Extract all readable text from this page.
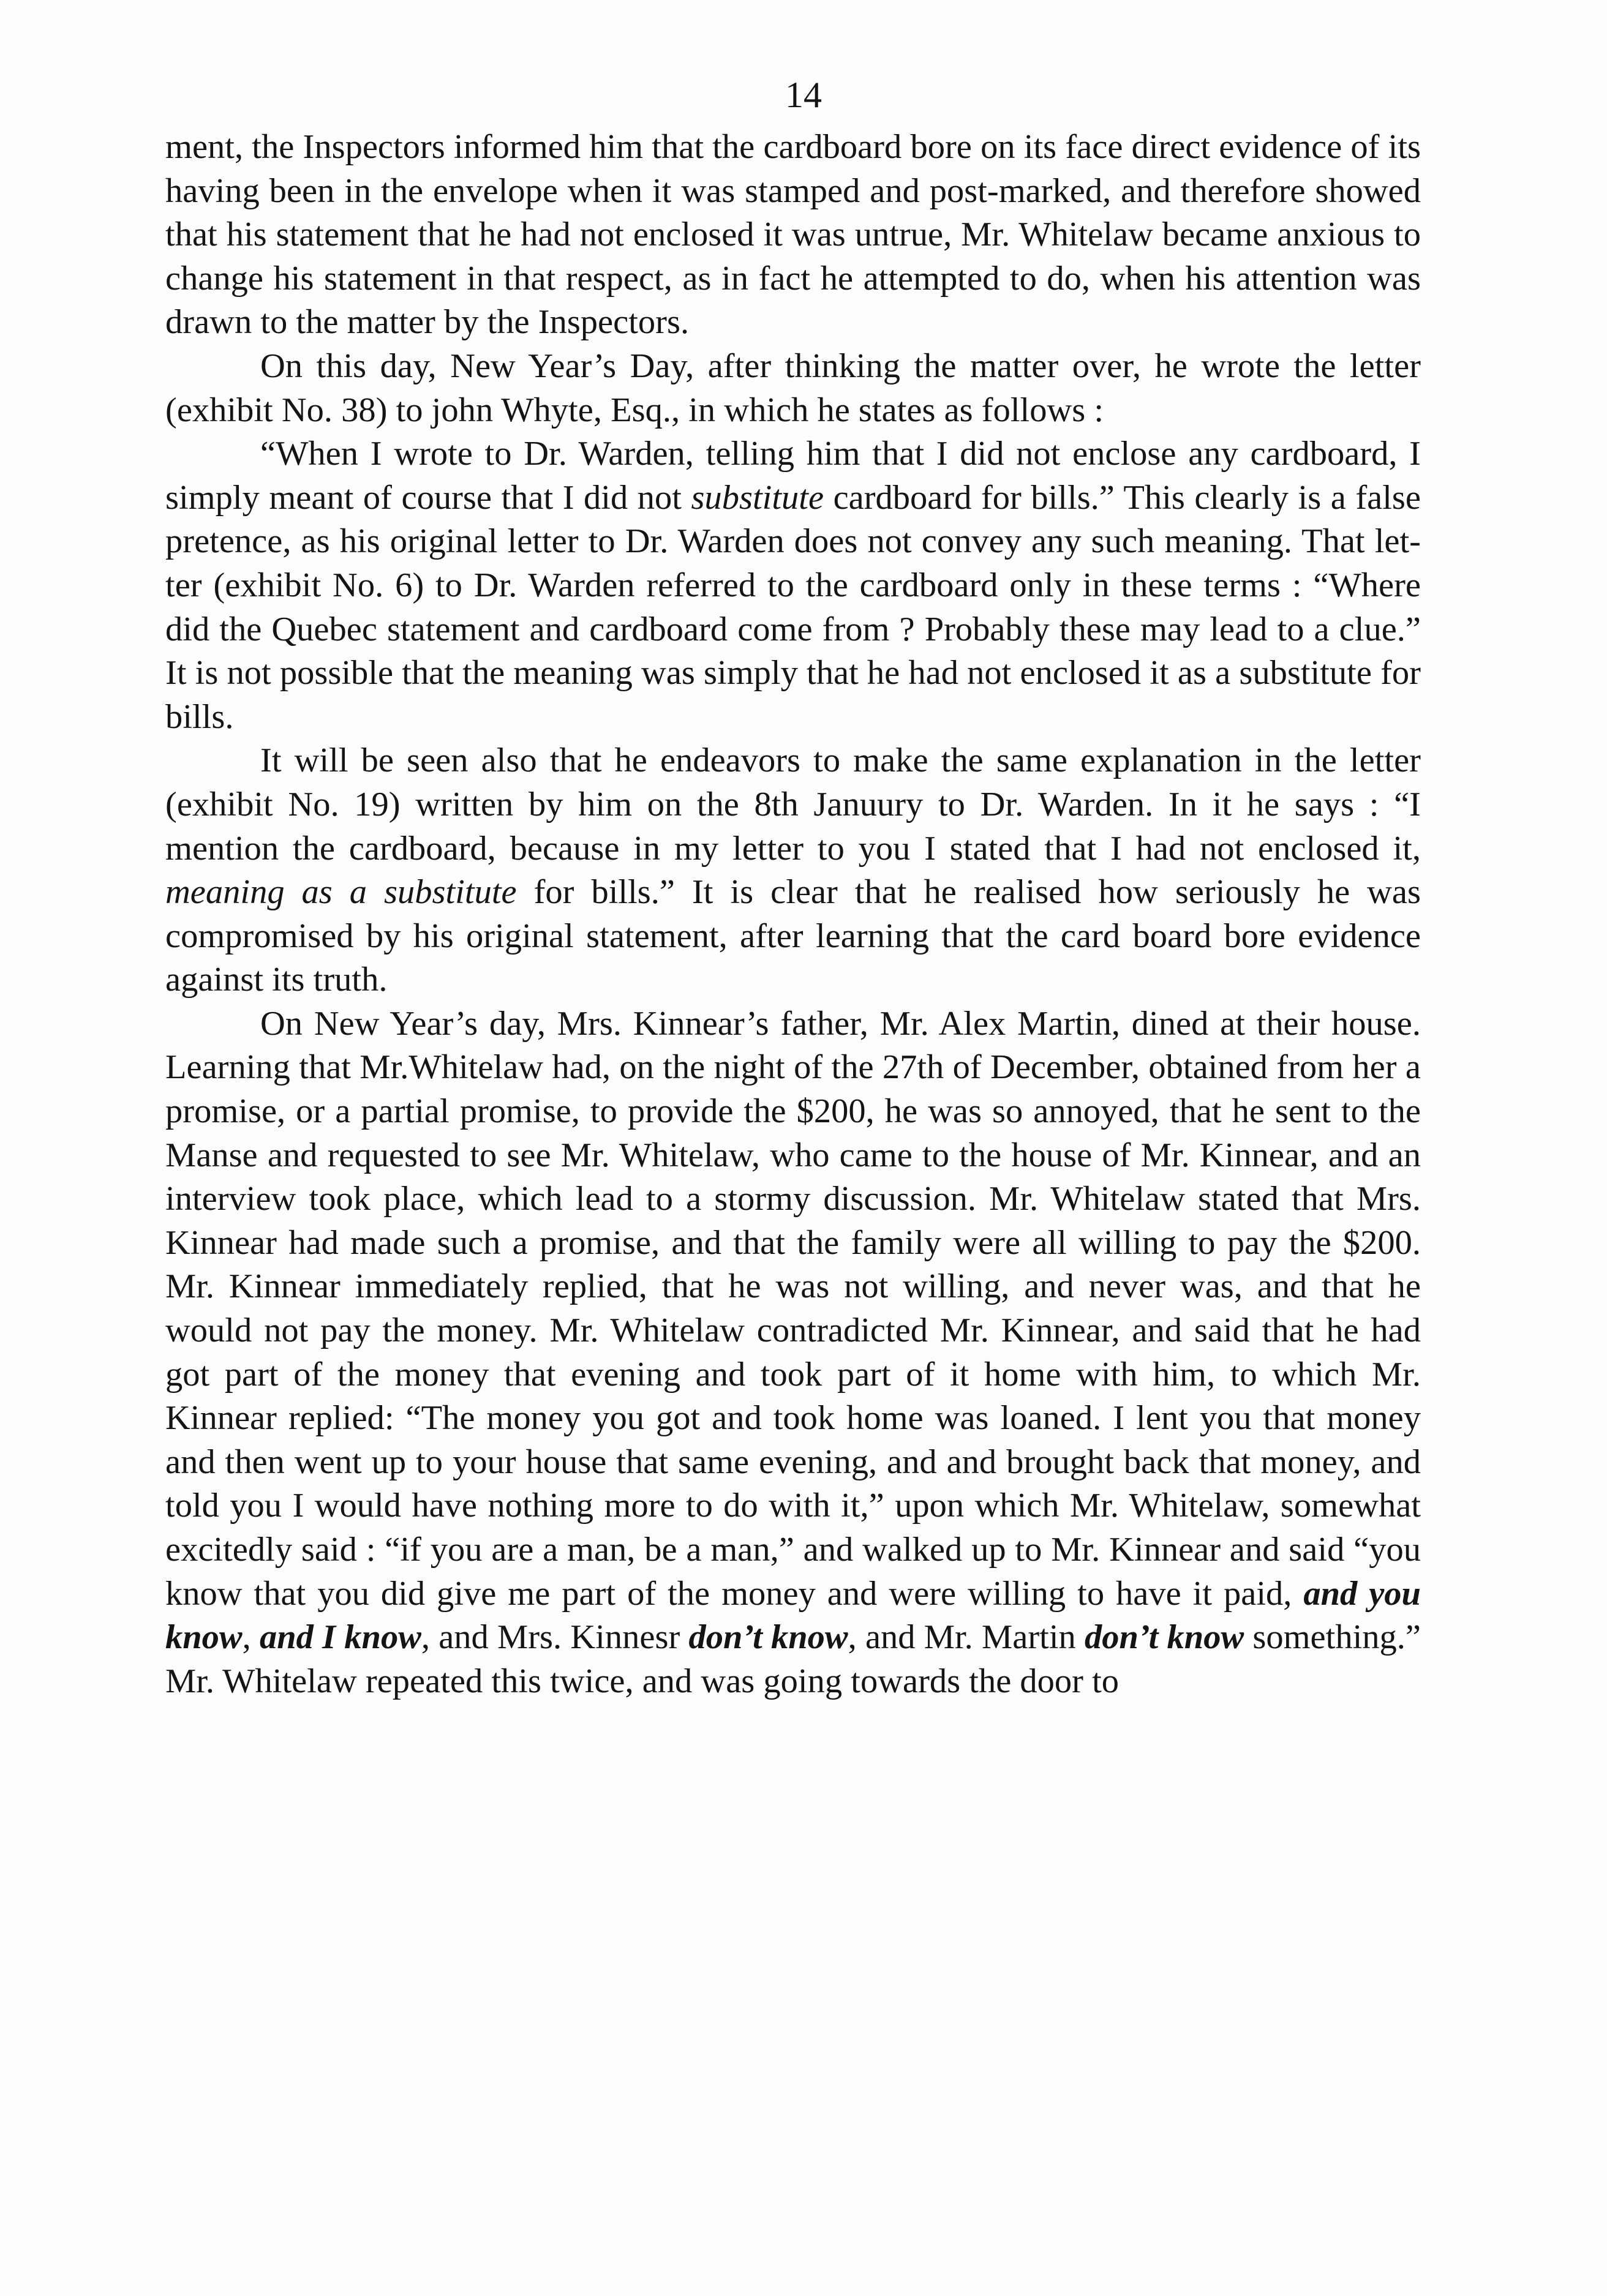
14

ment, the Inspectors informed him that the cardboard bore on its face direct evidence of its having been in the envelope when it was stamped and post-marked, and therefore showed that his statement that he had not enclosed it was untrue, Mr. Whitelaw became anxious to change his statement in that respect, as in fact he attempted to do, when his attention was drawn to the matter by the Inspectors.

On this day, New Year’s Day, after thinking the matter over, he wrote the letter (exhibit No. 38) to john Whyte, Esq., in which he states as follows :

“When I wrote to Dr. Warden, telling him that I did not enclose any cardboard, I simply meant of course that I did not substitute cardboard for bills.” This clearly is a false pretence, as his original letter to Dr. Warden does not convey any such meaning. That letter (exhibit No. 6) to Dr. Warden referred to the cardboard only in these terms : “Where did the Quebec statement and cardboard come from ? Probably these may lead to a clue.” It is not possible that the meaning was simply that he had not enclosed it as a substitute for bills.

It will be seen also that he endeavors to make the same explanation in the letter (exhibit No. 19) written by him on the 8th Januury to Dr. Warden. In it he says : “I mention the cardboard, because in my letter to you I stated that I had not enclosed it, meaning as a substitute for bills.” It is clear that he realised how seriously he was compromised by his original statement, after learning that the card board bore evidence against its truth.

On New Year’s day, Mrs. Kinnear’s father, Mr. Alex Martin, dined at their house. Learning that Mr.Whitelaw had, on the night of the 27th of December, obtained from her a promise, or a partial promise, to provide the $200, he was so annoyed, that he sent to the Manse and requested to see Mr. Whitelaw, who came to the house of Mr. Kinnear, and an interview took place, which lead to a stormy discussion. Mr. Whitelaw stated that Mrs. Kinnear had made such a promise, and that the family were all willing to pay the $200. Mr. Kinnear immediately replied, that he was not willing, and never was, and that he would not pay the money. Mr. Whitelaw contradicted Mr. Kinnear, and said that he had got part of the money that evening and took part of it home with him, to which Mr. Kinnear replied: “The money you got and took home was loaned. I lent you that money and then went up to your house that same evening, and and brought back that money, and told you I would have nothing more to do with it,” upon which Mr. Whitelaw, somewhat excitedly said : “if you are a man, be a man,” and walked up to Mr. Kinnear and said “you know that you did give me part of the money and were willing to have it paid, and you know, and I know, and Mrs. Kinnesr don’t know, and Mr. Martin don’t know something.” Mr. Whitelaw repeated this twice, and was going towards the door to
